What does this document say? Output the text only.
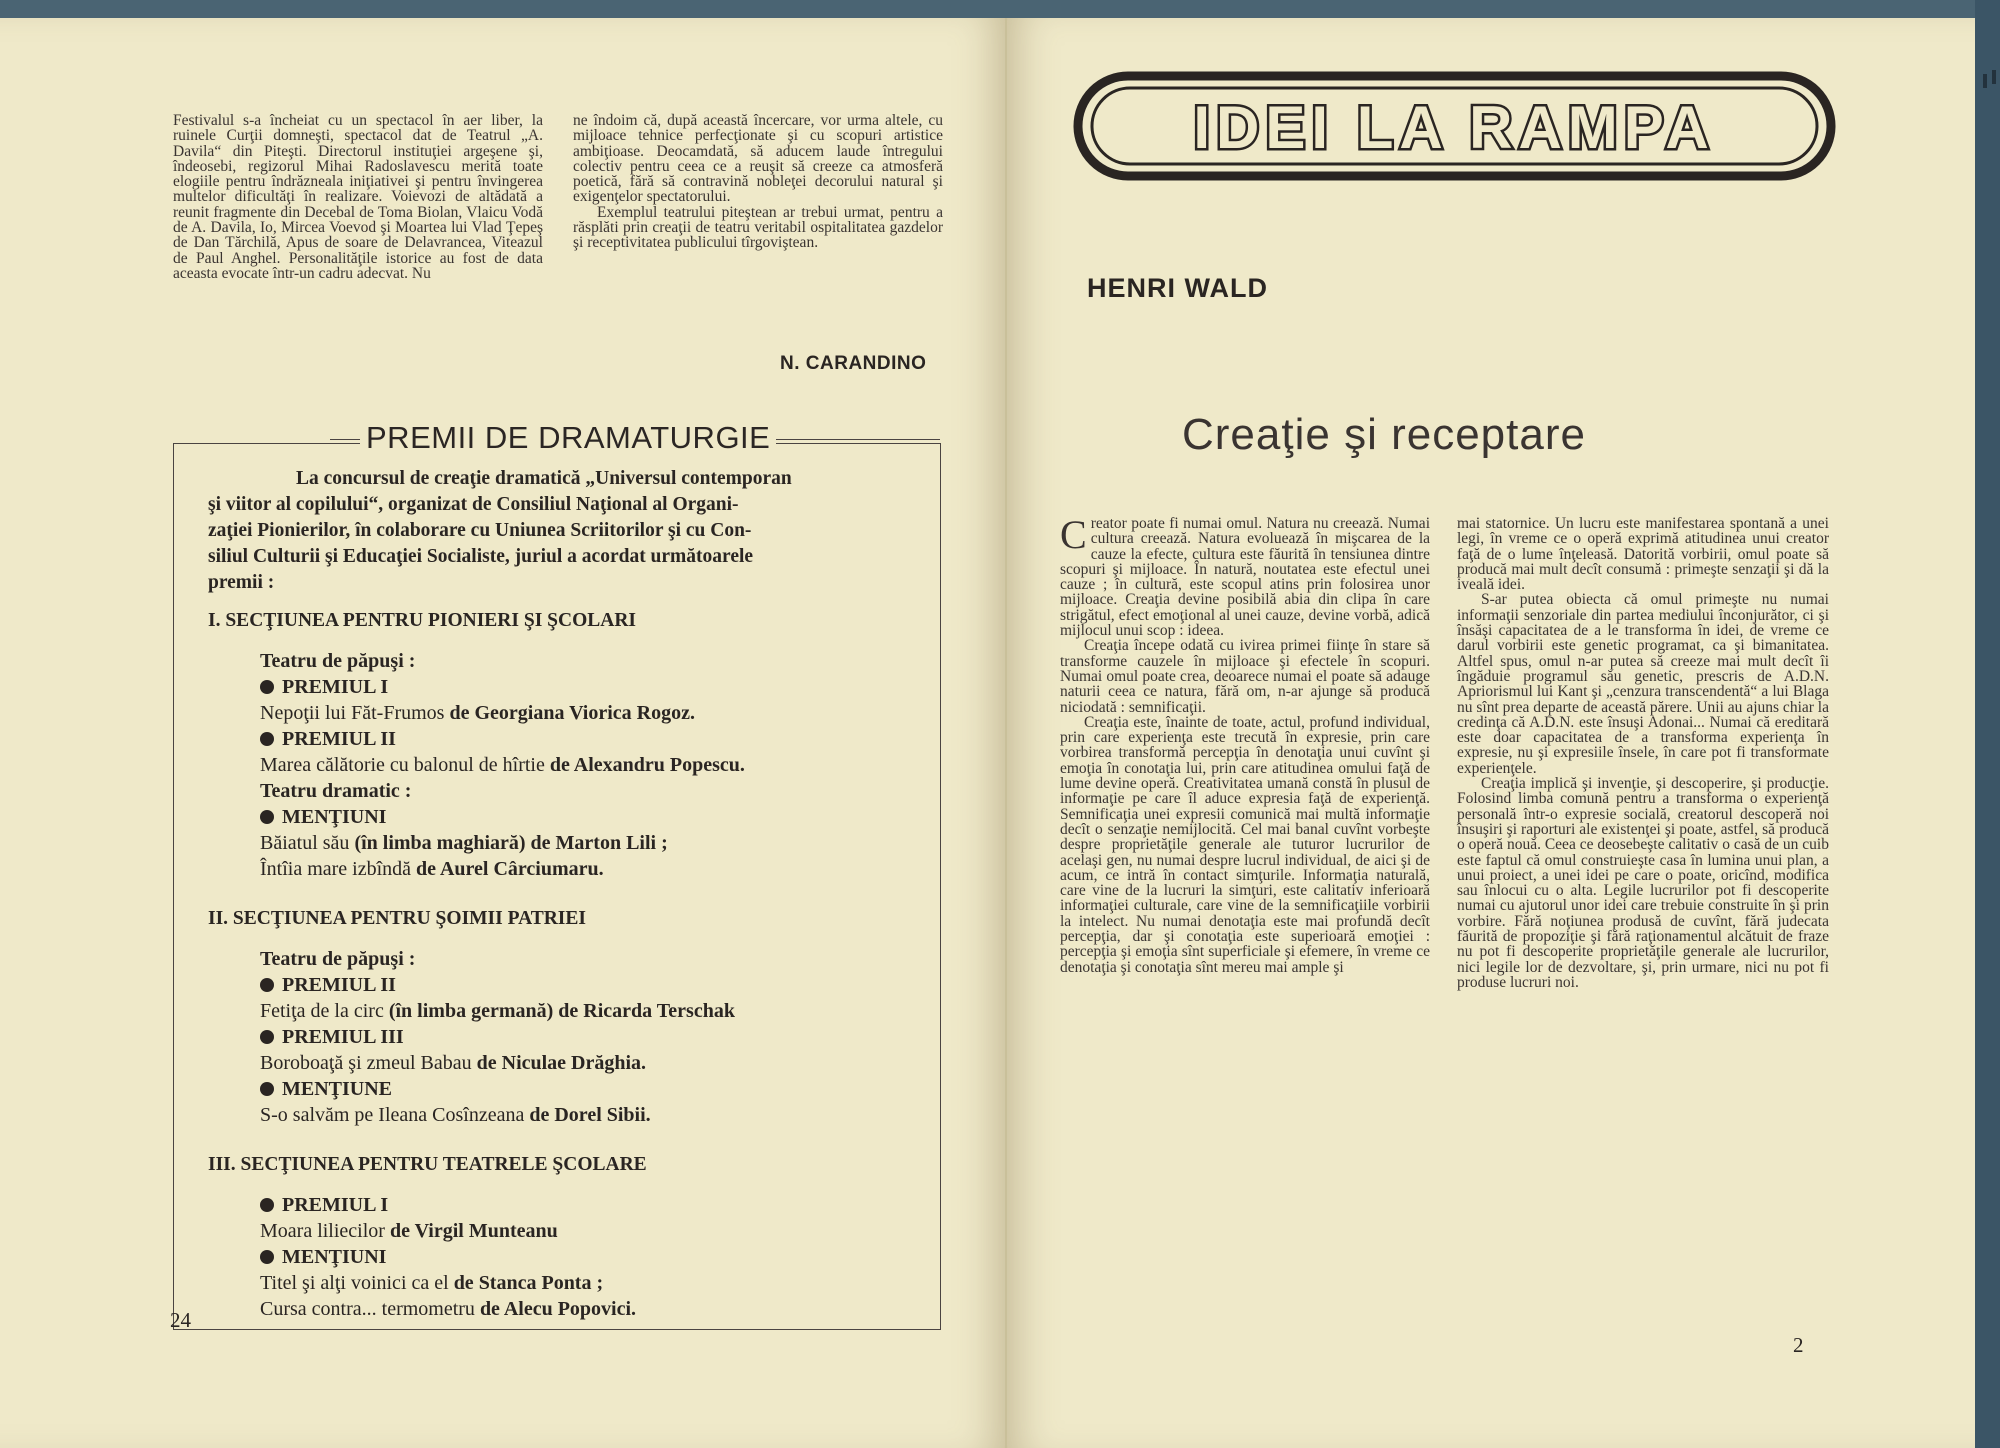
Festivalul s-a încheiat cu un spectacol în aer liber, la ruinele Curţii domneşti, spectacol dat de Teatrul „A. Davila“ din Piteşti. Directorul instituţiei argeşene şi, îndeosebi, regizorul Mihai Radoslavescu merită toate elogiile pentru îndrăzneala iniţiativei şi pentru învingerea multelor dificultăţi în realizare. Voievozi de altădată a reunit fragmente din Decebal de Toma Biolan, Vlaicu Vodă de A. Davila, Io, Mircea Voevod şi Moartea lui Vlad Ţepeş de Dan Tărchilă, Apus de soare de Delavrancea, Viteazul de Paul Anghel. Personalităţile istorice au fost de data aceasta evocate într-un cadru adecvat. Nu

ne îndoim că, după această încercare, vor urma altele, cu mijloace tehnice perfecţionate şi cu scopuri artistice ambiţioase. Deocamdată, să aducem laude întregului colectiv pentru ceea ce a reuşit să creeze ca atmosferă poetică, fără să contravină nobleţei decorului natural şi exigenţelor spectatorului.

Exemplul teatrului piteştean ar trebui urmat, pentru a răsplăti prin creaţii de teatru veritabil ospitalitatea gazdelor şi receptivitatea publicului tîrgoviştean.

N. CARANDINO
PREMII DE DRAMATURGIE
La concursul de creaţie dramatică „Universul contemporan
şi viitor al copilului“, organizat de Consiliul Naţional al Organi-
zaţiei Pionierilor, în colaborare cu Uniunea Scriitorilor şi cu Con-
siliul Culturii şi Educaţiei Socialiste, juriul a acordat următoarele
premii :
I. SECŢIUNEA PENTRU PIONIERI ŞI ŞCOLARI
Teatru de păpuşi :
PREMIUL I
Nepoţii lui Făt-Frumos de Georgiana Viorica Rogoz.
PREMIUL II
Marea călătorie cu balonul de hîrtie de Alexandru Popescu.
Teatru dramatic :
MENŢIUNI
Băiatul său (în limba maghiară) de Marton Lili ;
Întîia mare izbîndă de Aurel Cârciumaru.
II. SECŢIUNEA PENTRU ŞOIMII PATRIEI
Teatru de păpuşi :
PREMIUL II
Fetiţa de la circ (în limba germană) de Ricarda Terschak
PREMIUL III
Boroboaţă şi zmeul Babau de Niculae Drăghia.
MENŢIUNE
S-o salvăm pe Ileana Cosînzeana de Dorel Sibii.
III. SECŢIUNEA PENTRU TEATRELE ŞCOLARE
PREMIUL I
Moara liliecilor de Virgil Munteanu
MENŢIUNI
Titel şi alţi voinici ca el de Stanca Ponta ;
Cursa contra... termometru de Alecu Popovici.
24
IDEI LA RAMPA
HENRI WALD
Creaţie şi receptare

Creator poate fi numai omul. Natura nu creează. Numai cultura creează. Natura evoluează în mişcarea de la cauze la efecte, cultura este făurită în tensiunea dintre scopuri şi mijloace. În natură, noutatea este efectul unei cauze ; în cultură, este scopul atins prin folosirea unor mijloace. Creaţia devine posibilă abia din clipa în care strigătul, efect emoţional al unei cauze, devine vorbă, adică mijlocul unui scop : ideea.

Creaţia începe odată cu ivirea primei fiinţe în stare să transforme cauzele în mijloace şi efectele în scopuri. Numai omul poate crea, deoarece numai el poate să adauge naturii ceea ce natura, fără om, n-ar ajunge să producă niciodată : semnificaţii.

Creaţia este, înainte de toate, actul, profund individual, prin care experienţa este trecută în expresie, prin care vorbirea transformă percepţia în denotaţia unui cuvînt şi emoţia în conotaţia lui, prin care atitudinea omului faţă de lume devine operă. Creativitatea umană constă în plusul de informaţie pe care îl aduce expresia faţă de experienţă. Semnificaţia unei expresii comunică mai multă informaţie decît o senzaţie nemijlocită. Cel mai banal cuvînt vorbeşte despre proprietăţile generale ale tuturor lucrurilor de acelaşi gen, nu numai despre lucrul individual, de aici şi de acum, ce intră în contact simţurile. Informaţia naturală, care vine de la lucruri la simţuri, este calitativ inferioară informaţiei culturale, care vine de la semnificaţiile vorbirii la intelect. Nu numai denotaţia este mai profundă decît percepţia, dar şi conotaţia este superioară emoţiei : percepţia şi emoţia sînt superficiale şi efemere, în vreme ce denotaţia şi conotaţia sînt mereu mai ample şi

mai statornice. Un lucru este manifestarea spontană a unei legi, în vreme ce o operă exprimă atitudinea unui creator faţă de o lume înţeleasă. Datorită vorbirii, omul poate să producă mai mult decît consumă : primeşte senzaţii şi dă la iveală idei.

S-ar putea obiecta că omul primeşte nu numai informaţii senzoriale din partea mediului înconjurător, ci şi însăşi capacitatea de a le transforma în idei, de vreme ce darul vorbirii este genetic programat, ca şi bimanitatea. Altfel spus, omul n-ar putea să creeze mai mult decît îi îngăduie programul său genetic, prescris de A.D.N. Apriorismul lui Kant şi „cenzura transcendentă“ a lui Blaga nu sînt prea departe de această părere. Unii au ajuns chiar la credinţa că A.D.N. este însuşi Adonai... Numai că ereditară este doar capacitatea de a transforma experienţa în expresie, nu şi expresiile însele, în care pot fi transformate experienţele.

Creaţia implică şi invenţie, şi descoperire, şi producţie. Folosind limba comună pentru a transforma o experienţă personală într-o expresie socială, creatorul descoperă noi însuşiri şi raporturi ale existenţei şi poate, astfel, să producă o operă nouă. Ceea ce deosebeşte calitativ o casă de un cuib este faptul că omul construieşte casa în lumina unui plan, a unui proiect, a unei idei pe care o poate, oricînd, modifica sau înlocui cu o alta. Legile lucrurilor pot fi descoperite numai cu ajutorul unor idei care trebuie construite în şi prin vorbire. Fără noţiunea produsă de cuvînt, fără judecata făurită de propoziţie şi fără raţionamentul alcătuit de fraze nu pot fi descoperite proprietăţile generale ale lucrurilor, nici legile lor de dezvoltare, şi, prin urmare, nici nu pot fi produse lucruri noi.

2
